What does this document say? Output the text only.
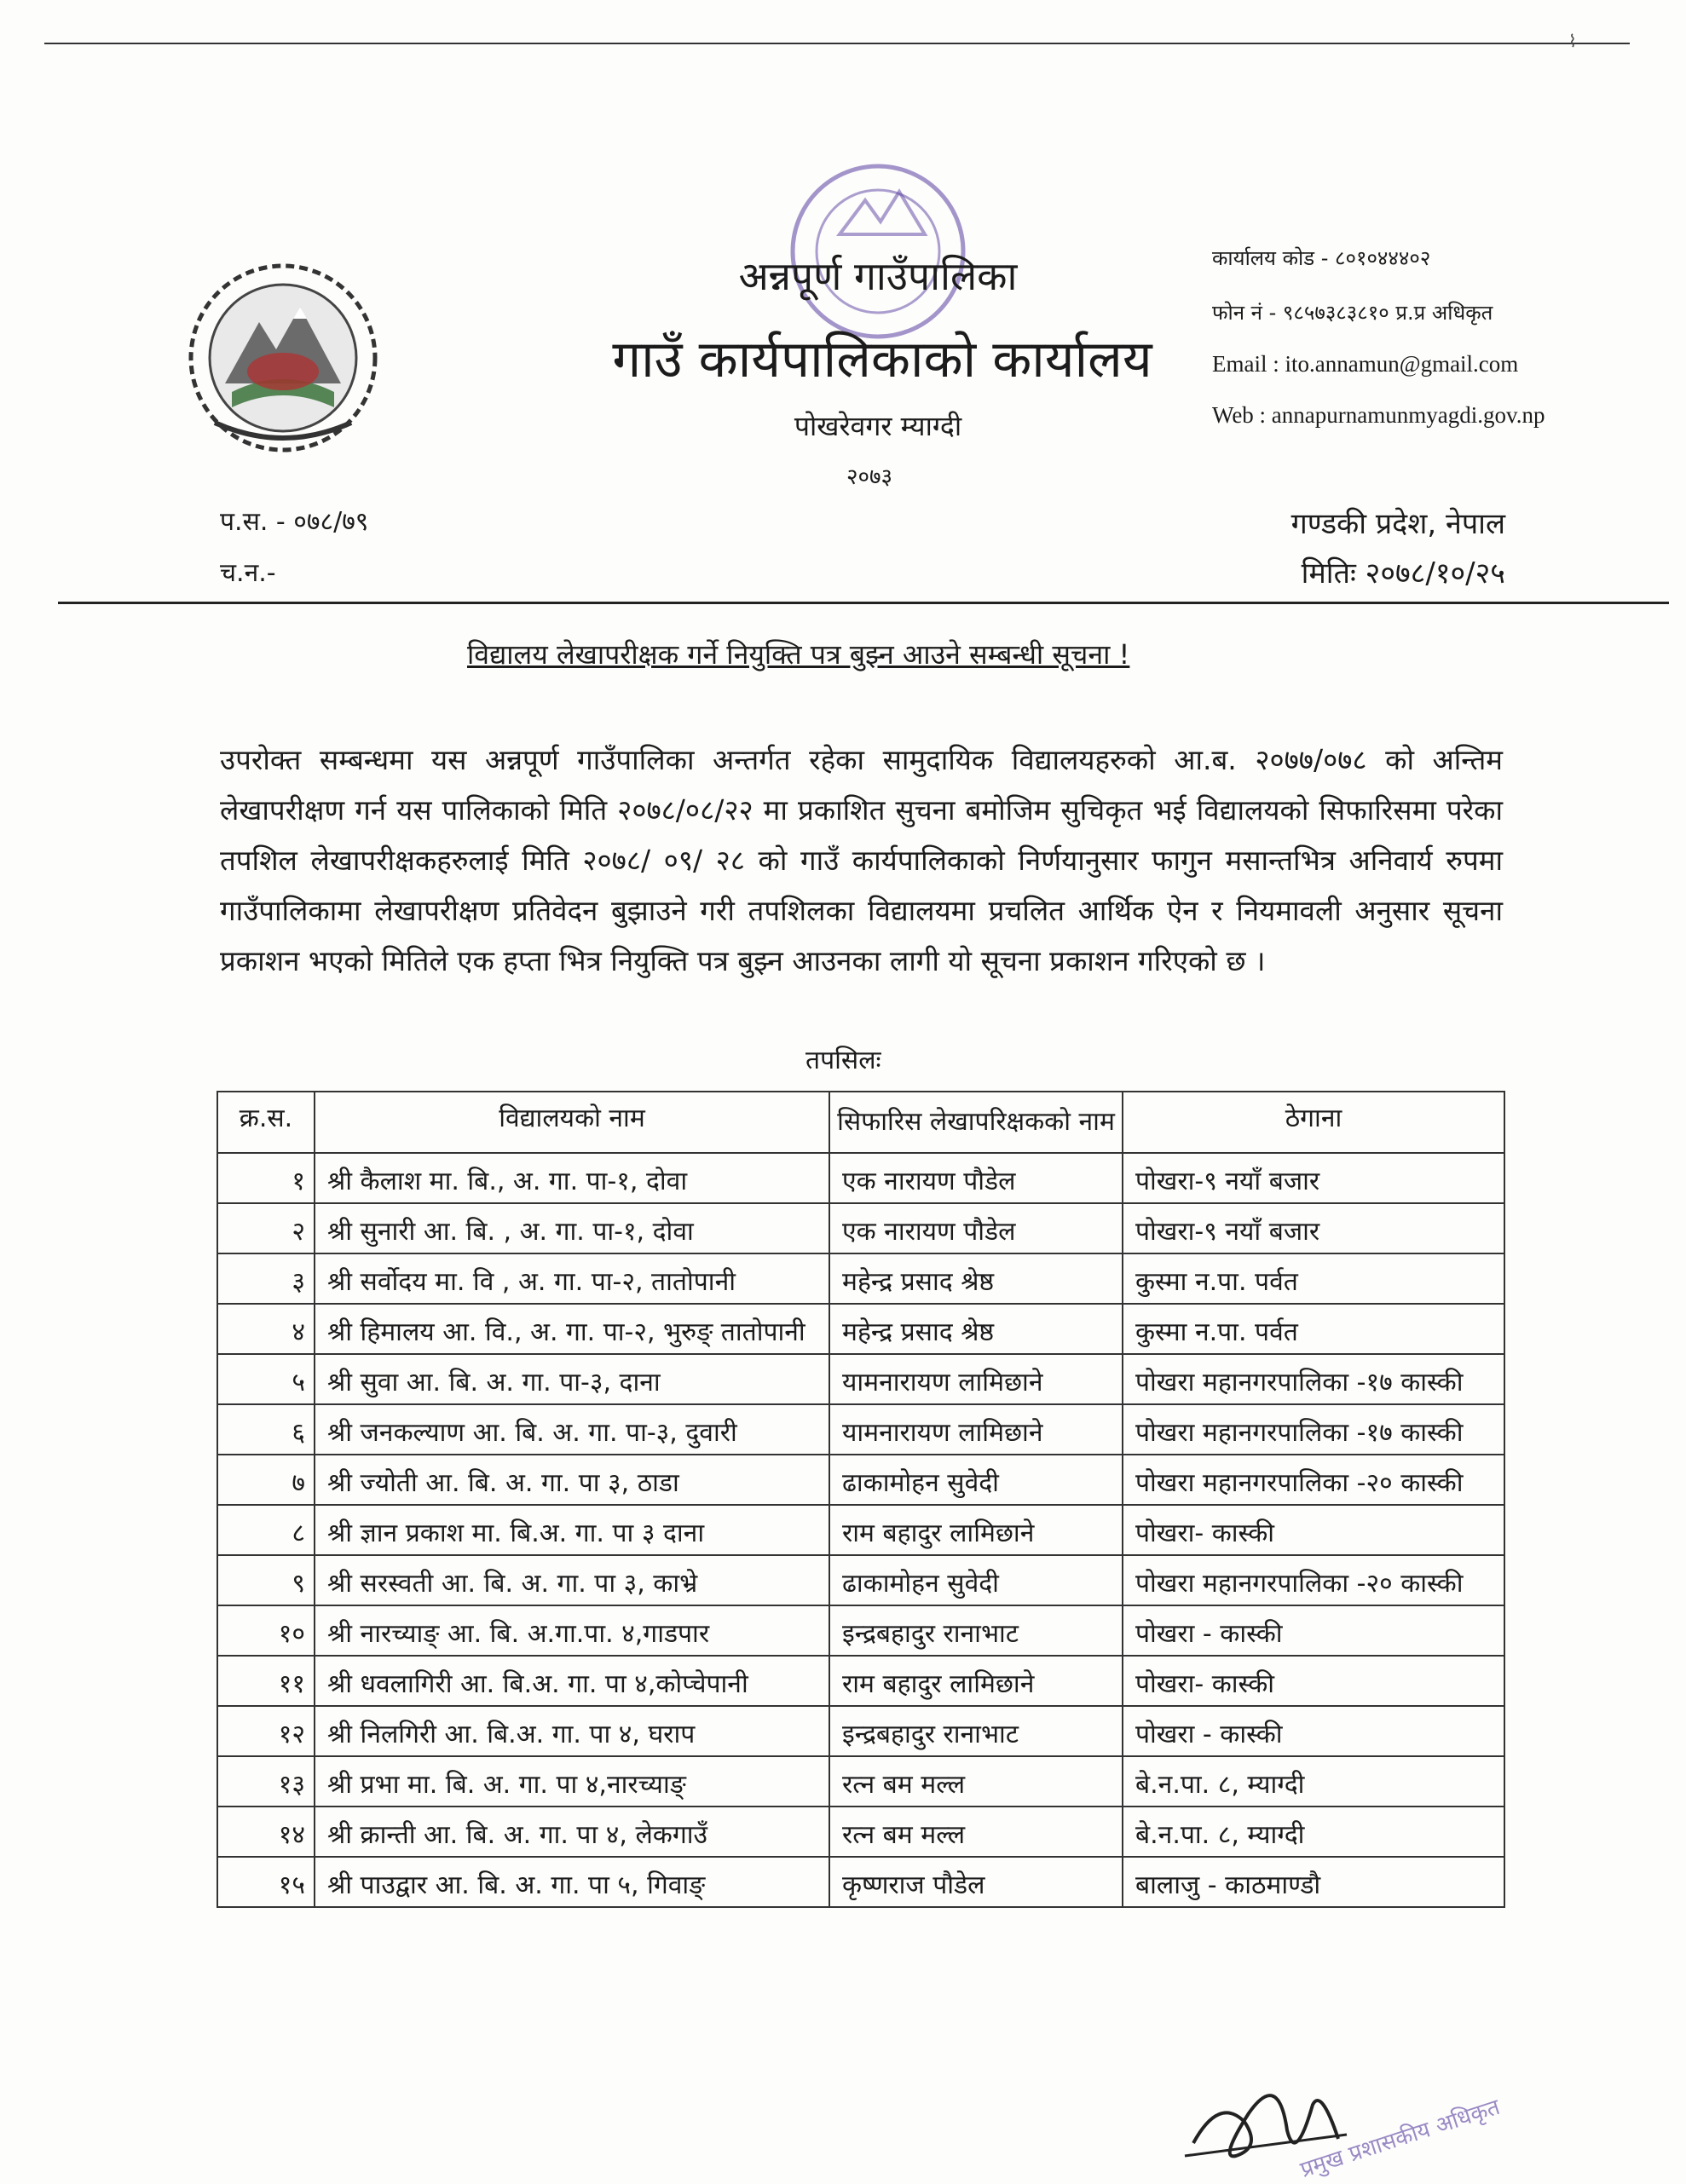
⌇
अन्नपूर्ण गाउँपालिका
गाउँ कार्यपालिकाको कार्यालय
पोखरेवगर म्याग्दी
२०७३
कार्यालय कोड - ८०१०४४४०२
फोन नं - ९८५७३८३८१० प्र.प्र अधिकृत
Email : ito.annamun@gmail.com
Web : annapurnamunmyagdi.gov.np
प.स. - ०७८/७९
च.न.-
गण्डकी प्रदेश, नेपाल
मितिः २०७८/१०/२५
विद्यालय लेखापरीक्षक गर्ने नियुक्ति पत्र बुझ्न आउने सम्बन्धी सूचना !
उपरोक्त सम्बन्धमा यस अन्नपूर्ण गाउँपालिका अन्तर्गत रहेका सामुदायिक विद्यालयहरुको आ.ब. २०७७/०७८ को अन्तिम लेखापरीक्षण गर्न यस पालिकाको मिति २०७८/०८/२२ मा प्रकाशित सुचना बमोजिम सुचिकृत भई विद्यालयको सिफारिसमा परेका तपशिल लेखापरीक्षकहरुलाई मिति २०७८/ ०९/ २८ को गाउँ कार्यपालिकाको निर्णयानुसार फागुन मसान्तभित्र अनिवार्य रुपमा गाउँपालिकामा लेखापरीक्षण प्रतिवेदन बुझाउने गरी तपशिलका विद्यालयमा प्रचलित आर्थिक ऐन र नियमावली अनुसार सूचना प्रकाशन भएको मितिले एक हप्ता भित्र नियुक्ति पत्र बुझ्न आउनका लागी यो सूचना प्रकाशन गरिएको छ ।
तपसिलः
क्र.स.	विद्यालयको नाम	सिफारिस लेखापरिक्षकको नाम	ठेगाना
१	श्री कैलाश मा. बि., अ. गा. पा-१, दोवा	एक नारायण पौडेल	पोखरा-९ नयाँ बजार
२	श्री सुनारी आ. बि. , अ. गा. पा-१, दोवा	एक नारायण पौडेल	पोखरा-९ नयाँ बजार
३	श्री सर्वोदय मा. वि , अ. गा. पा-२, तातोपानी	महेन्द्र प्रसाद श्रेष्ठ	कुस्मा न.पा. पर्वत
४	श्री हिमालय आ. वि., अ. गा. पा-२, भुरुङ् तातोपानी	महेन्द्र प्रसाद श्रेष्ठ	कुस्मा न.पा. पर्वत
५	श्री सुवा आ. बि. अ. गा. पा-३, दाना	यामनारायण लामिछाने	पोखरा महानगरपालिका -१७ कास्की
६	श्री जनकल्याण आ. बि. अ. गा. पा-३, दुवारी	यामनारायण लामिछाने	पोखरा महानगरपालिका -१७ कास्की
७	श्री ज्योती आ. बि. अ. गा. पा ३, ठाडा	ढाकामोहन सुवेदी	पोखरा महानगरपालिका -२० कास्की
८	श्री ज्ञान प्रकाश मा. बि.अ. गा. पा ३ दाना	राम बहादुर लामिछाने	पोखरा- कास्की
९	श्री सरस्वती आ. बि. अ. गा. पा ३, काभ्रे	ढाकामोहन सुवेदी	पोखरा महानगरपालिका -२० कास्की
१०	श्री नारच्याङ् आ. बि. अ.गा.पा. ४,गाडपार	इन्द्रबहादुर रानाभाट	पोखरा - कास्की
११	श्री धवलागिरी आ. बि.अ. गा. पा ४,कोप्चेपानी	राम बहादुर लामिछाने	पोखरा- कास्की
१२	श्री निलगिरी आ. बि.अ. गा. पा ४, घराप	इन्द्रबहादुर रानाभाट	पोखरा - कास्की
१३	श्री प्रभा मा. बि. अ. गा. पा ४,नारच्याङ्	रत्न बम मल्ल	बे.न.पा. ८, म्याग्दी
१४	श्री क्रान्ती आ. बि. अ. गा. पा ४, लेकगाउँ	रत्न बम मल्ल	बे.न.पा. ८, म्याग्दी
१५	श्री पाउद्वार आ. बि. अ. गा. पा ५, गिवाङ्	कृष्णराज पौडेल	बालाजु - काठमाण्डौ
प्रमुख प्रशासकीय अधिकृत
